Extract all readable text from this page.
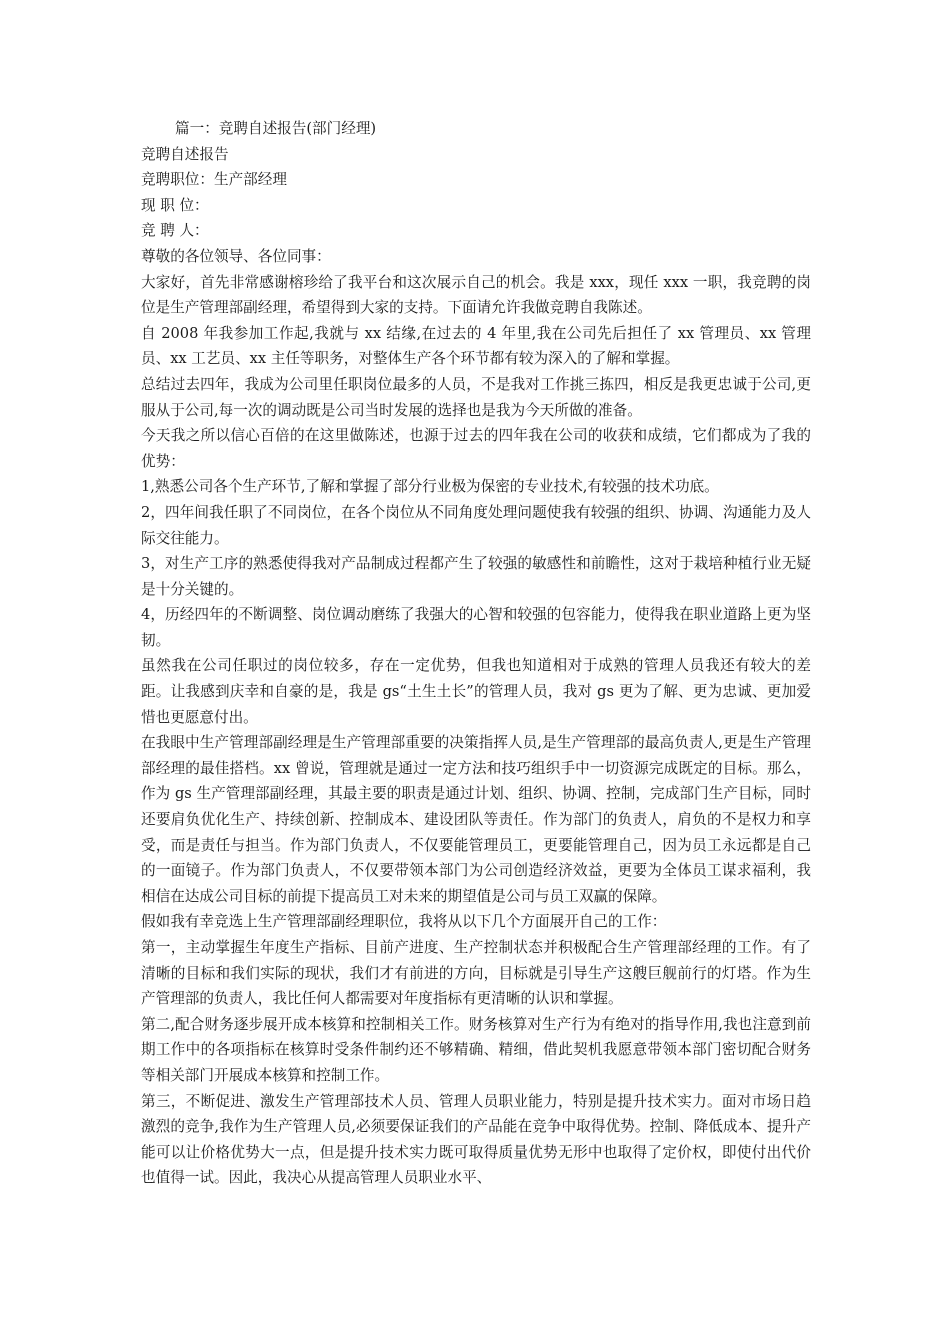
篇一：竞聘自述报告(部门经理)

竞聘自述报告

竞聘职位：生产部经理

现 职 位：

竞 聘 人：

尊敬的各位领导、各位同事：

大家好，首先非常感谢榕珍给了我平台和这次展示自己的机会。我是 xxx，现任 xxx 一职，我竞聘的岗位是生产管理部副经理，希望得到大家的支持。下面请允许我做竞聘自我陈述。

自 2008 年我参加工作起,我就与 xx 结缘,在过去的 4 年里,我在公司先后担任了 xx 管理员、xx 管理员、xx 工艺员、xx 主任等职务，对整体生产各个环节都有较为深入的了解和掌握。

总结过去四年，我成为公司里任职岗位最多的人员，不是我对工作挑三拣四，相反是我更忠诚于公司,更服从于公司,每一次的调动既是公司当时发展的选择也是我为今天所做的准备。

今天我之所以信心百倍的在这里做陈述，也源于过去的四年我在公司的收获和成绩，它们都成为了我的优势：

1,熟悉公司各个生产环节,了解和掌握了部分行业极为保密的专业技术,有较强的技术功底。

2，四年间我任职了不同岗位，在各个岗位从不同角度处理问题使我有较强的组织、协调、沟通能力及人际交往能力。

3，对生产工序的熟悉使得我对产品制成过程都产生了较强的敏感性和前瞻性，这对于栽培种植行业无疑是十分关键的。

4，历经四年的不断调整、岗位调动磨练了我强大的心智和较强的包容能力，使得我在职业道路上更为坚韧。

虽然我在公司任职过的岗位较多，存在一定优势，但我也知道相对于成熟的管理人员我还有较大的差距。让我感到庆幸和自豪的是，我是 gs“土生土长”的管理人员，我对 gs 更为了解、更为忠诚、更加爱惜也更愿意付出。

在我眼中生产管理部副经理是生产管理部重要的决策指挥人员,是生产管理部的最高负责人,更是生产管理部经理的最佳搭档。xx 曾说，管理就是通过一定方法和技巧组织手中一切资源完成既定的目标。那么，作为 gs 生产管理部副经理，其最主要的职责是通过计划、组织、协调、控制，完成部门生产目标，同时还要肩负优化生产、持续创新、控制成本、建设团队等责任。作为部门的负责人，肩负的不是权力和享受，而是责任与担当。作为部门负责人，不仅要能管理员工，更要能管理自己，因为员工永远都是自己的一面镜子。作为部门负责人，不仅要带领本部门为公司创造经济效益，更要为全体员工谋求福利，我相信在达成公司目标的前提下提高员工对未来的期望值是公司与员工双赢的保障。

假如我有幸竞选上生产管理部副经理职位，我将从以下几个方面展开自己的工作：

第一，主动掌握生年度生产指标、目前产进度、生产控制状态并积极配合生产管理部经理的工作。有了清晰的目标和我们实际的现状，我们才有前进的方向，目标就是引导生产这艘巨舰前行的灯塔。作为生产管理部的负责人，我比任何人都需要对年度指标有更清晰的认识和掌握。

第二,配合财务逐步展开成本核算和控制相关工作。财务核算对生产行为有绝对的指导作用,我也注意到前期工作中的各项指标在核算时受条件制约还不够精确、精细，借此契机我愿意带领本部门密切配合财务等相关部门开展成本核算和控制工作。

第三，不断促进、激发生产管理部技术人员、管理人员职业能力，特别是提升技术实力。面对市场日趋激烈的竞争,我作为生产管理人员,必须要保证我们的产品能在竞争中取得优势。控制、降低成本、提升产能可以让价格优势大一点，但是提升技术实力既可取得质量优势无形中也取得了定价权，即使付出代价也值得一试。因此，我决心从提高管理人员职业水平、
